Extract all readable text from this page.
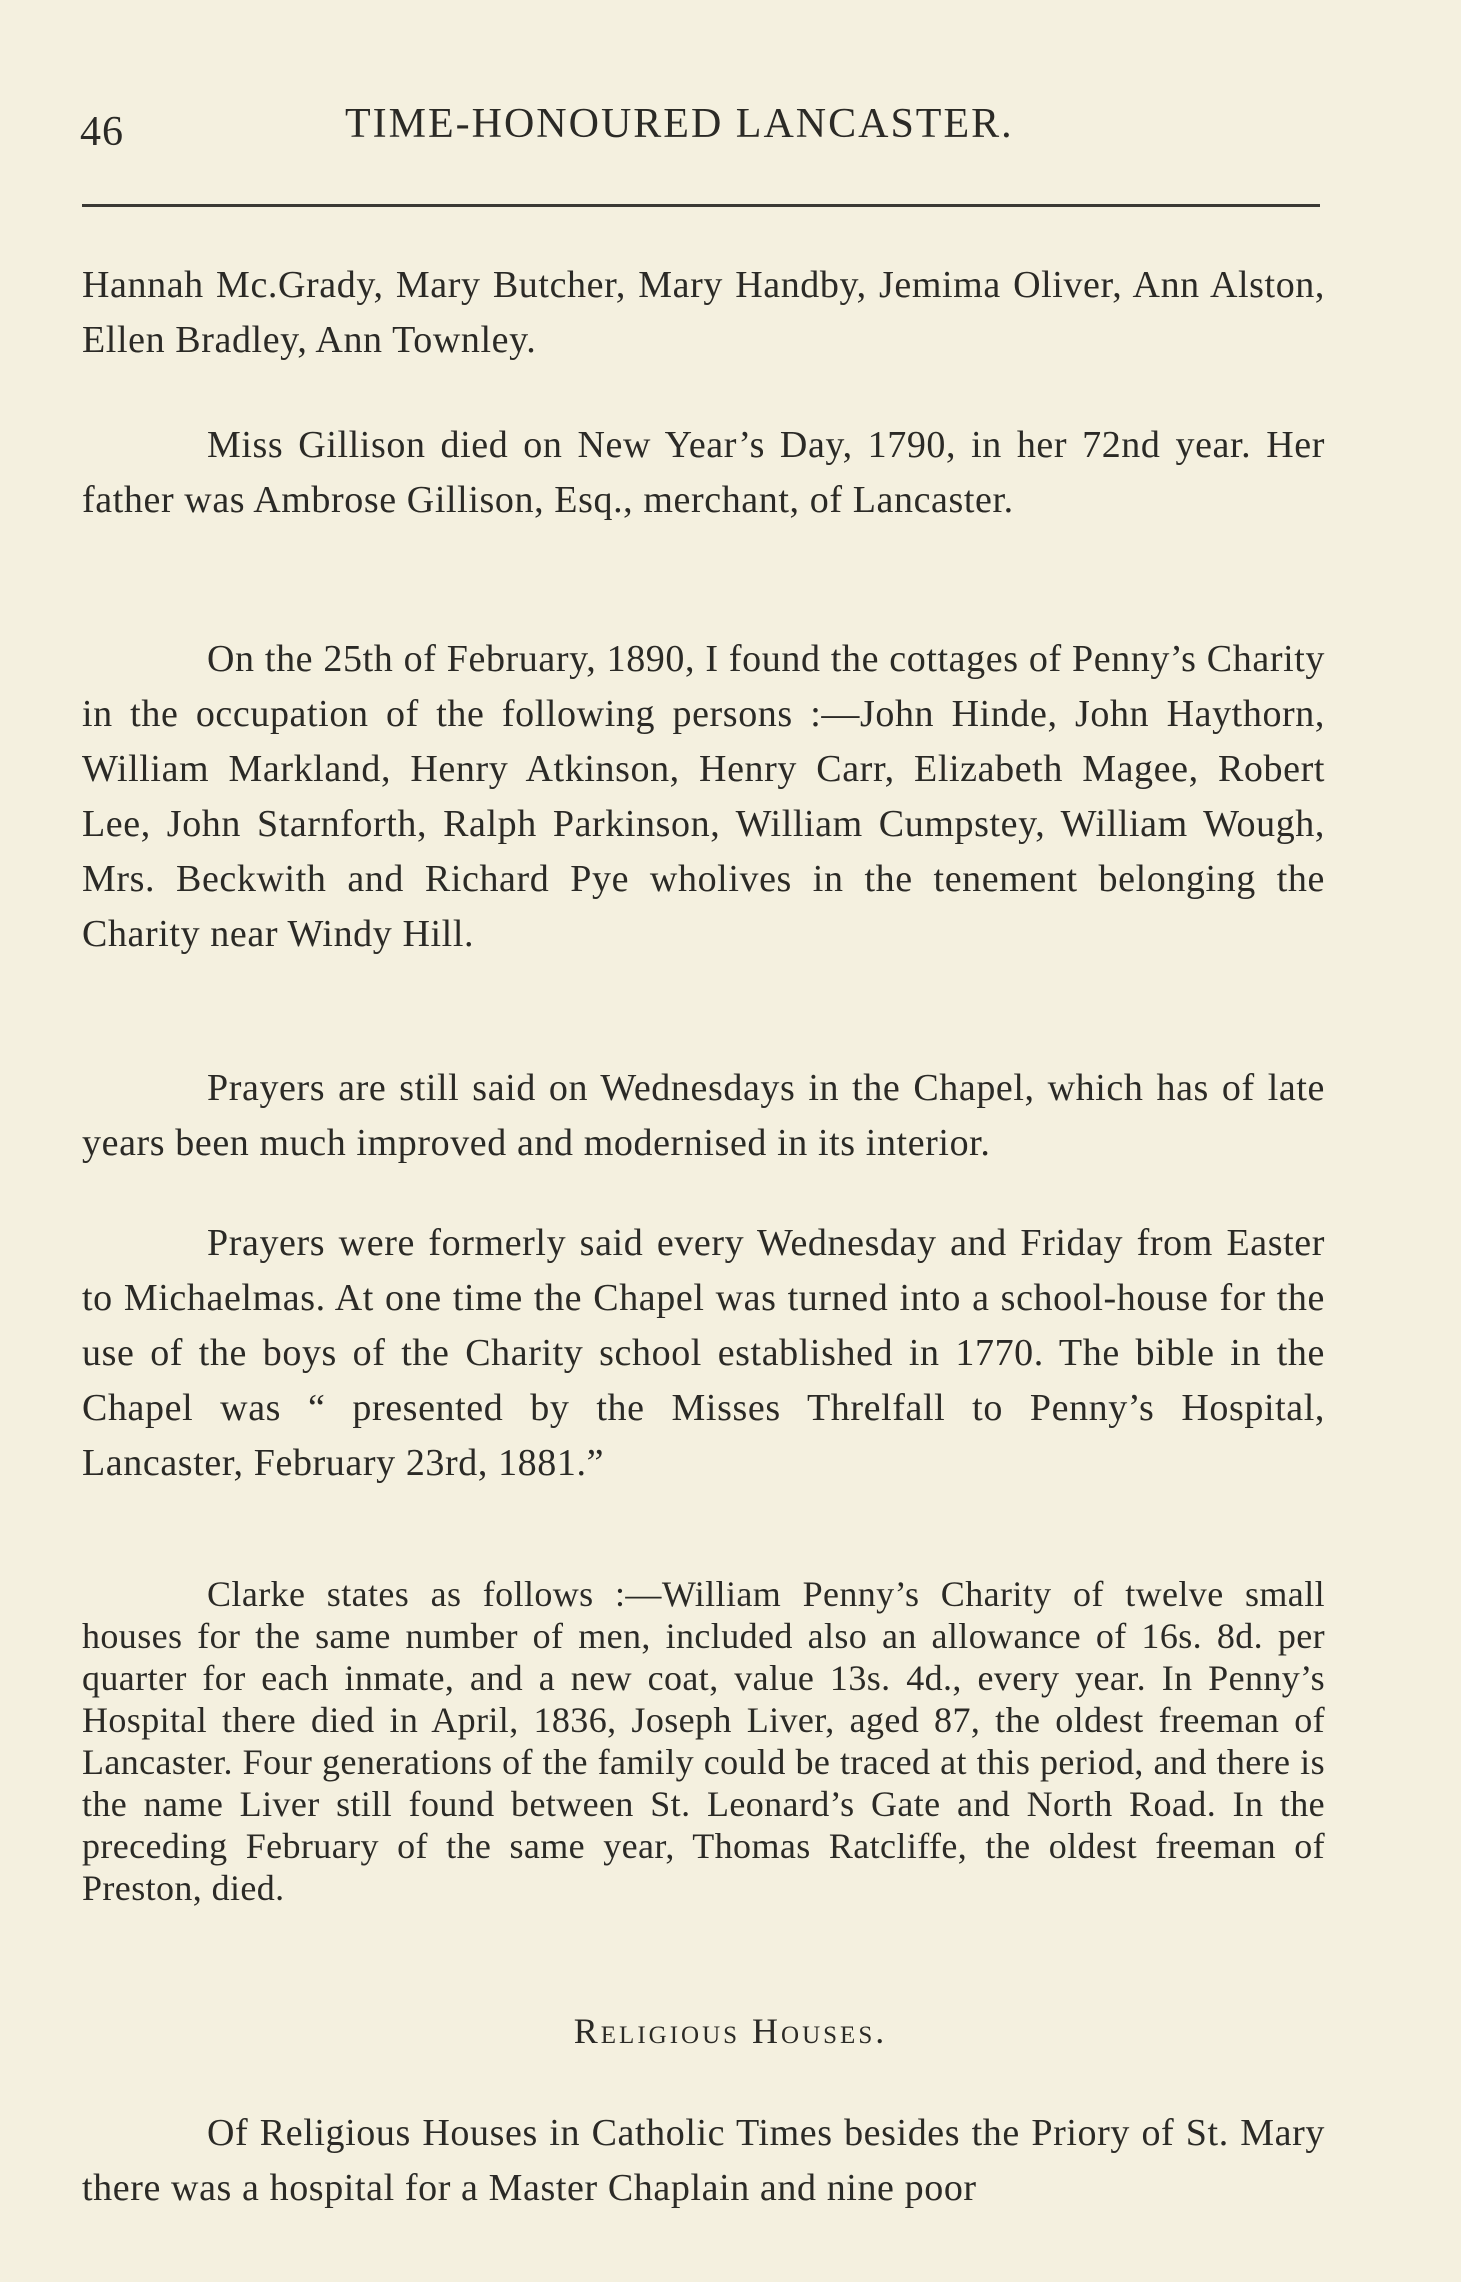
46	TIME-HONOURED LANCASTER.

Hannah Mc.Grady, Mary Butcher, Mary Handby, Jemima Oliver, Ann Alston, Ellen Bradley, Ann Townley.

Miss Gillison died on New Year’s Day, 1790, in her 72nd year. Her father was Ambrose Gillison, Esq., merchant, of Lancaster.

On the 25th of February, 1890, I found the cottages of Penny’s Charity in the occupation of the following persons :—John Hinde, John Haythorn, William Markland, Henry Atkinson, Henry Carr, Elizabeth Magee, Robert Lee, John Starnforth, Ralph Parkinson, William Cumpstey, William Wough, Mrs. Beckwith and Richard Pye wholives in the tenement belonging the Charity near Windy Hill.

Prayers are still said on Wednesdays in the Chapel, which has of late years been much improved and modernised in its interior.

Prayers were formerly said every Wednesday and Friday from Easter to Michaelmas. At one time the Chapel was turned into a school-house for the use of the boys of the Charity school established in 1770. The bible in the Chapel was “ presented by the Misses Threlfall to Penny’s Hospital, Lancaster, February 23rd, 1881.”

Clarke states as follows :—William Penny’s Charity of twelve small houses for the same number of men, included also an allowance of 16s. 8d. per quarter for each inmate, and a new coat, value 13s. 4d., every year. In Penny’s Hospital there died in April, 1836, Joseph Liver, aged 87, the oldest freeman of Lancaster. Four generations of the family could be traced at this period, and there is the name Liver still found between St. Leonard’s Gate and North Road. In the preceding February of the same year, Thomas Ratcliffe, the oldest freeman of Preston, died.

Religious Houses.

Of Religious Houses in Catholic Times besides the Priory of St. Mary there was a hospital for a Master Chaplain and nine poor
